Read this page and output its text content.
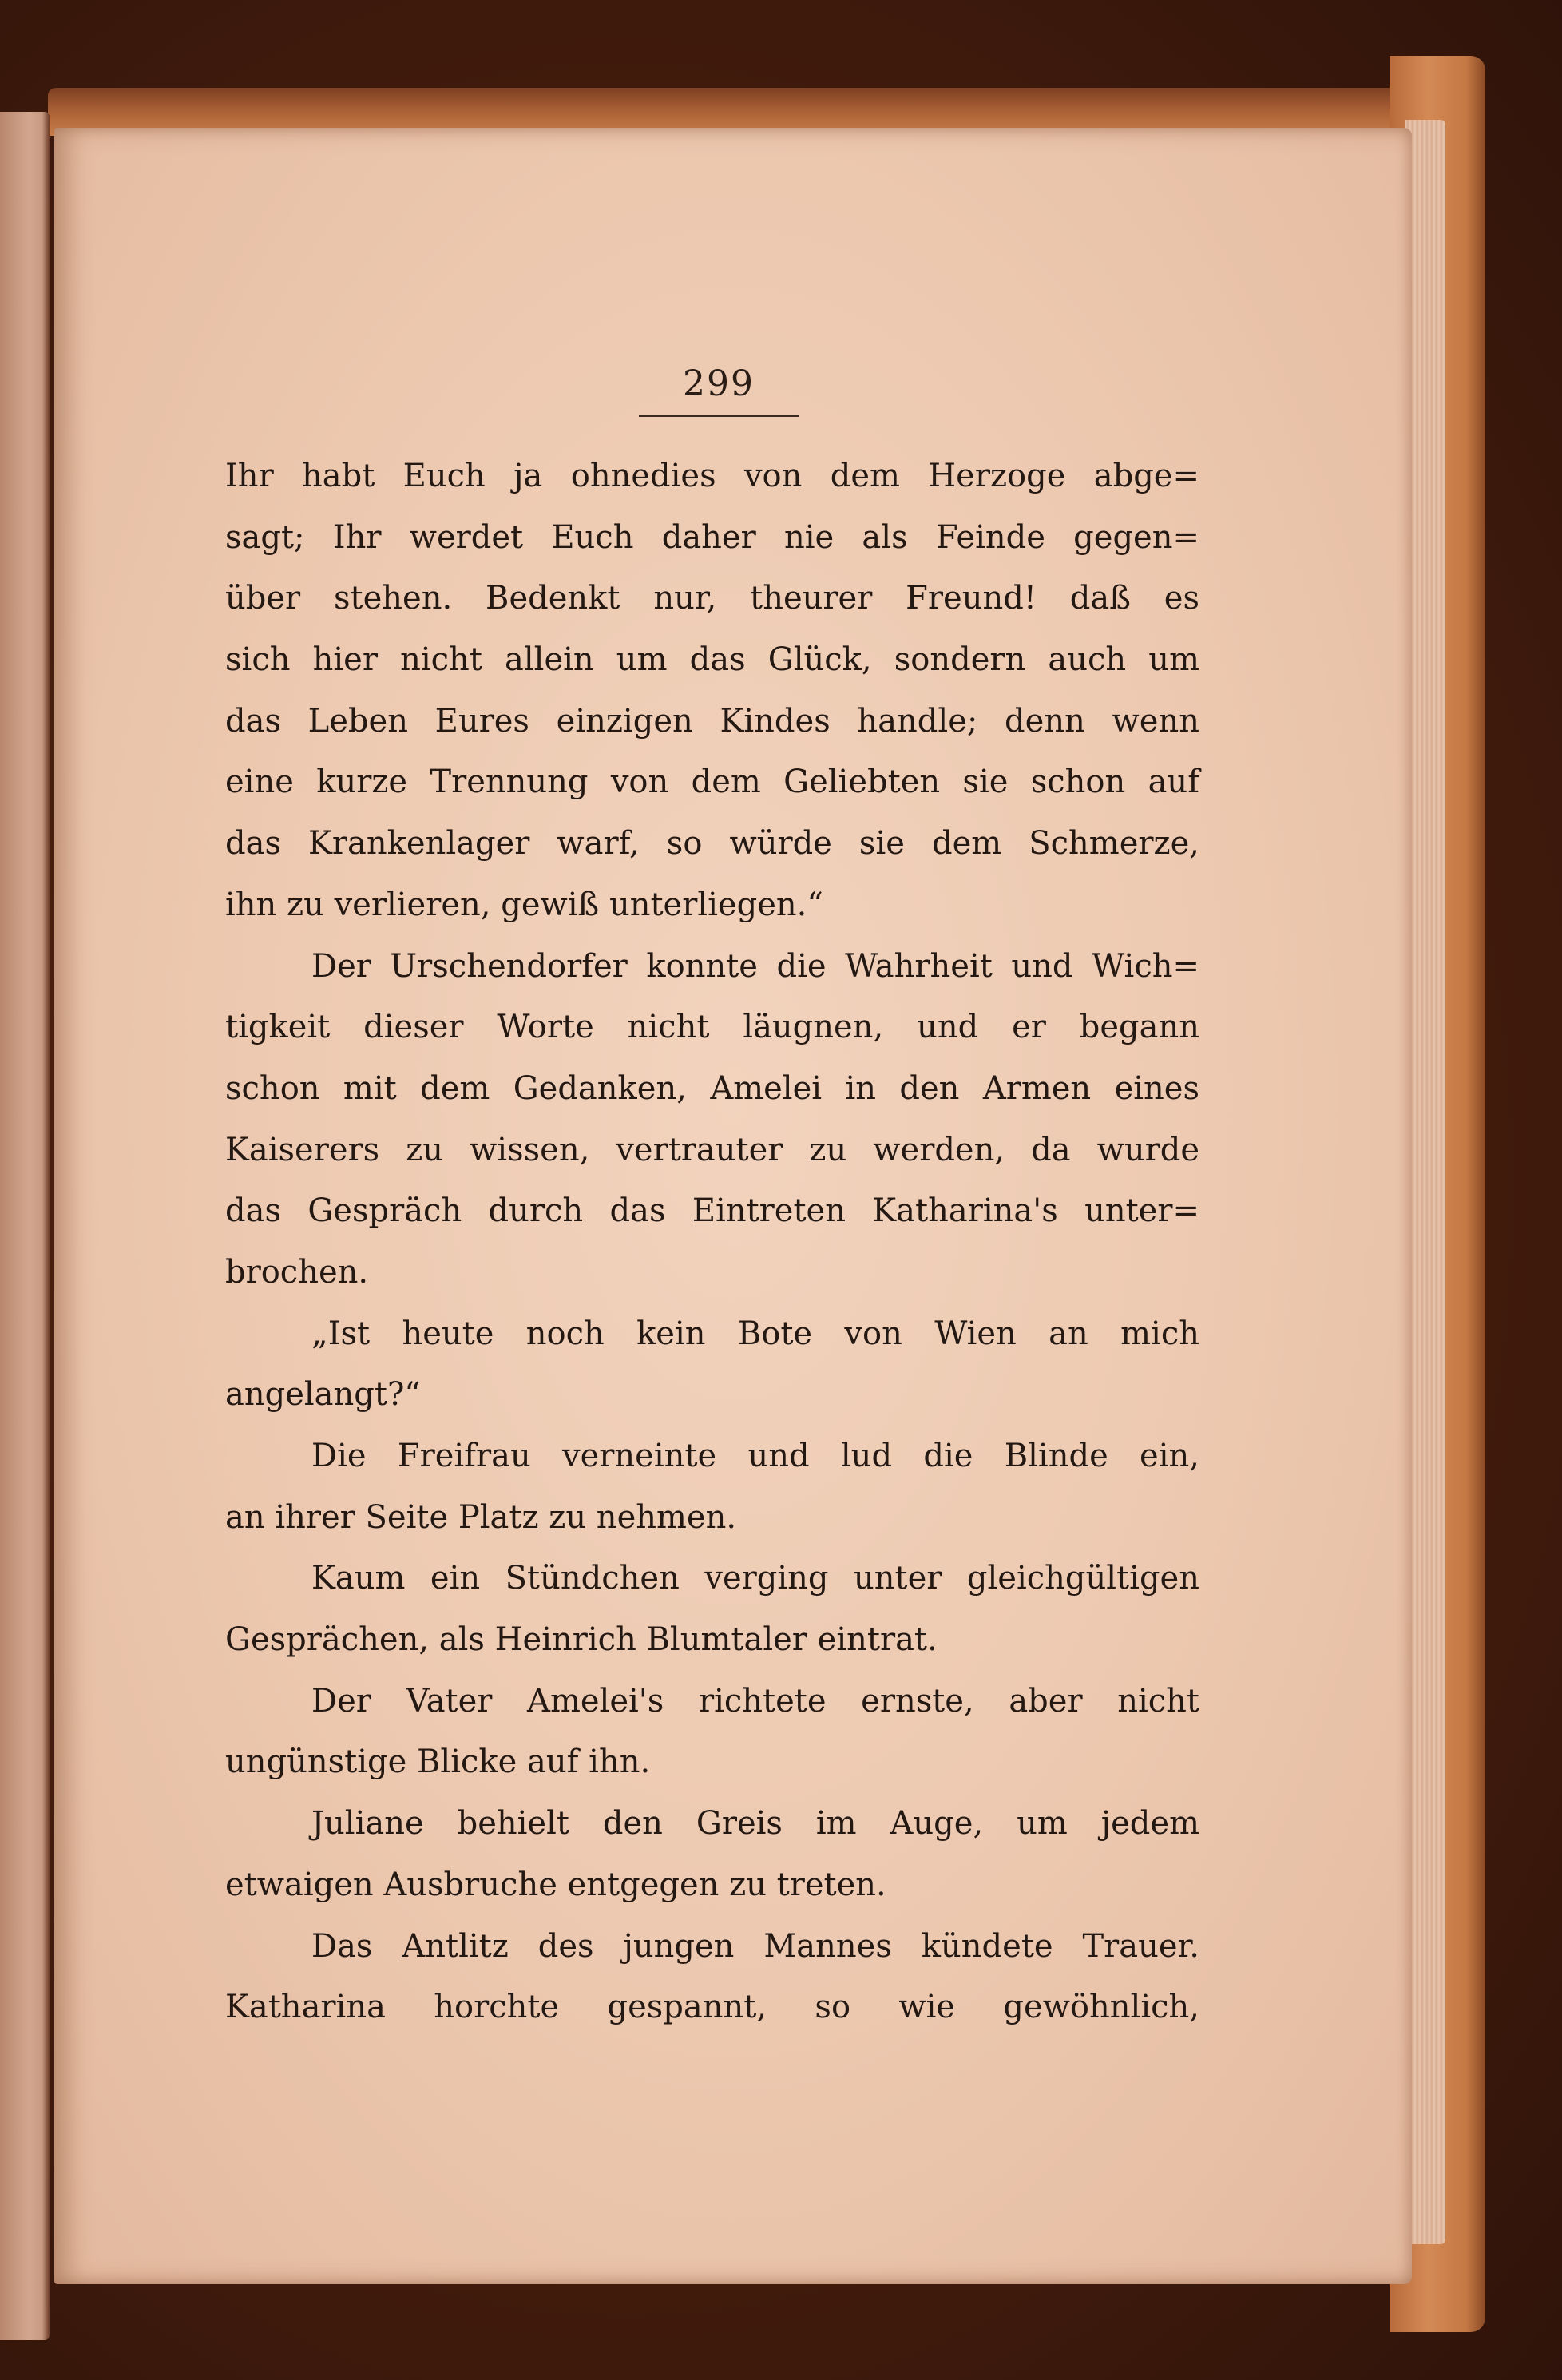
299
Ihr habt Euch ja ohnedies von dem Herzoge abge=
sagt; Ihr werdet Euch daher nie als Feinde gegen=
über stehen. Bedenkt nur, theurer Freund! daß es
sich hier nicht allein um das Glück, sondern auch um
das Leben Eures einzigen Kindes handle; denn wenn
eine kurze Trennung von dem Geliebten sie schon auf
das Krankenlager warf, so würde sie dem Schmerze,
ihn zu verlieren, gewiß unterliegen.“
Der Urschendorfer konnte die Wahrheit und Wich=
tigkeit dieser Worte nicht läugnen, und er begann
schon mit dem Gedanken, Amelei in den Armen eines
Kaiserers zu wissen, vertrauter zu werden, da wurde
das Gespräch durch das Eintreten Katharina's unter=
brochen.
„Ist heute noch kein Bote von Wien an mich
angelangt?“
Die Freifrau verneinte und lud die Blinde ein,
an ihrer Seite Platz zu nehmen.
Kaum ein Stündchen verging unter gleichgültigen
Gesprächen, als Heinrich Blumtaler eintrat.
Der Vater Amelei's richtete ernste, aber nicht
ungünstige Blicke auf ihn.
Juliane behielt den Greis im Auge, um jedem
etwaigen Ausbruche entgegen zu treten.
Das Antlitz des jungen Mannes kündete Trauer.
Katharina horchte gespannt, so wie gewöhnlich,
